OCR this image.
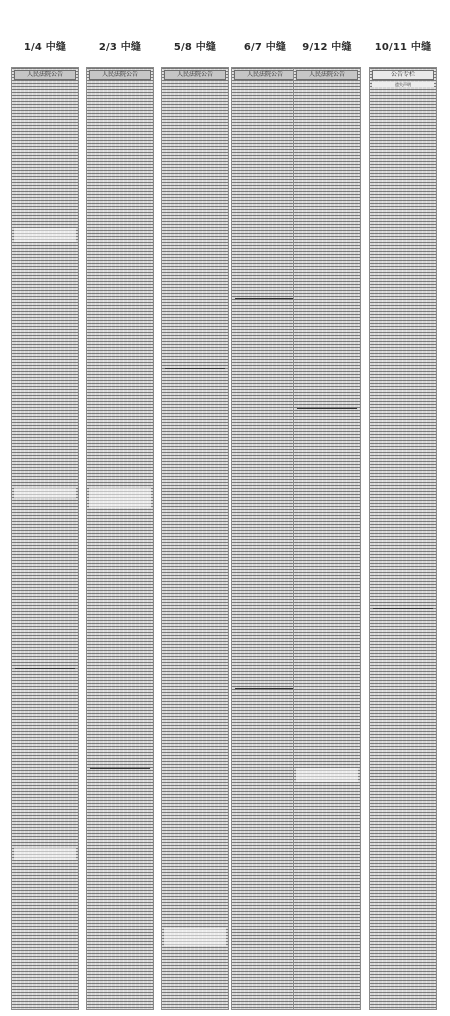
1/4 中缝
人民法院公告
2/3 中缝
人民法院公告
5/8 中缝
人民法院公告
6/7 中缝
人民法院公告
9/12 中缝
人民法院公告
10/11 中缝
公告专栏
遗失声明
